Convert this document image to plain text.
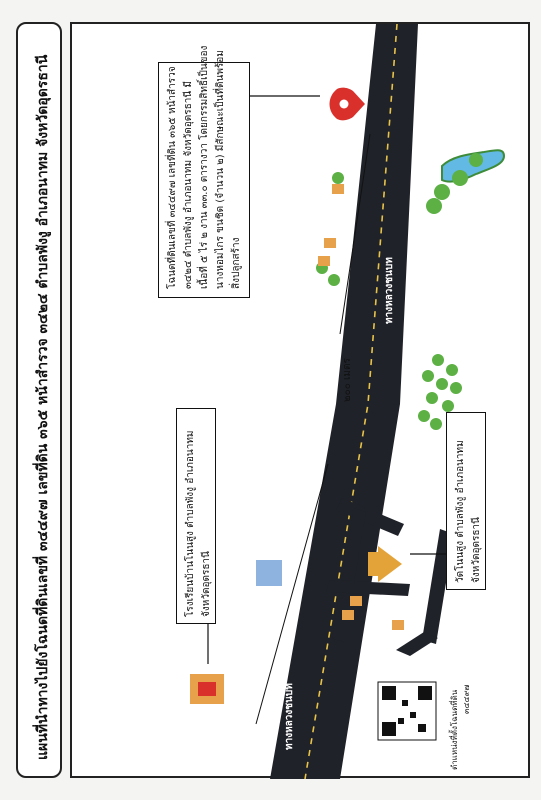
แผนที่นำทางไปยังโฉนดที่ดินเลขที่ ๓๔๔๙๗ เลขที่ดิน ๓๖๕ หน้าสำรวจ ๓๔๒๔ ตำบลพังงู อำเภอนาทม จังหวัดอุดรธานี	โฉนดที่ดินเลขที่ ๓๔๔๙๗ เลขที่ดิน ๓๖๕ หน้าสำรวจ ๓๔๒๔ ตำบลพังงู อำเภอนาทม จังหวัดอุดรธานี มี เนื้อที่ ๕ ไร่ ๒ งาน ๓๓.๐ ตารางวา โดยกรรมสิทธิ์เป็นของ นางหอมไกร ขนชิด (จำนวน ๒) มีสักษณะเป็นที่ดินพร้อม สิ่งปลูกสร้าง
โรงเรียนบ้านโนนสูง ตำบลพังงู อำเภอนาทม จังหวัดอุดรธานี
วัดโนนสูง ตำบลพังงู อำเภอนาทม จังหวัดอุดรธานี
ทางหลวงชนบท
ทางหลวงชนบท
๒๐๐ เมตร
ตำแหน่งที่ตั้งโฉนดที่ดิน ๓๔๔๙๗
